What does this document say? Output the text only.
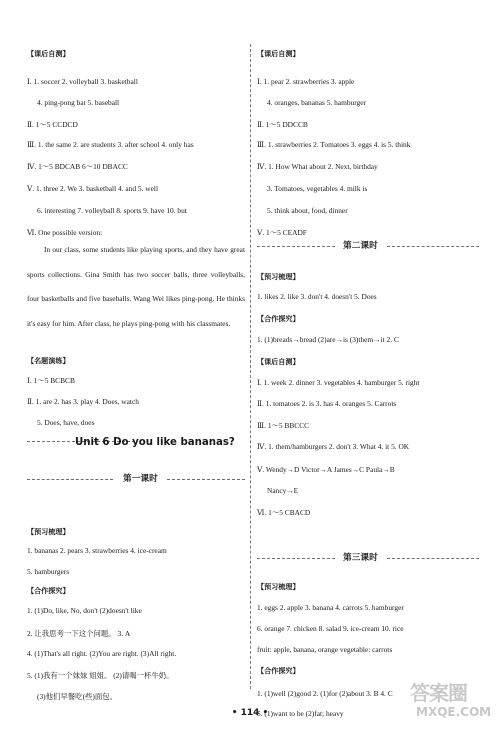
【 课后自测 】
Ⅰ. 1. soccer 2. volleyball 3. basketball
4. ping-pong bat 5. baseball
Ⅱ. 1～5 CCDCD
Ⅲ. 1. the same 2. are students 3. after school 4. only has
Ⅳ. 1～5 BDCAB 6～10 DBACC
Ⅴ. 1. three 2. We 3. basketball 4. and 5. well
6. interesting 7. volleyball 8. sports 9. have 10. but
Ⅵ. One possible version:
In our class, some students like playing sports, and they have great sports collections. Gina Smith has two soccer balls, three volleyballs, four basketballs and five baseballs. Wang Wei likes ping-pong. He thinks it's easy for him. After class, he plays ping-pong with his classmates.
【 名题演练 】
Ⅰ. 1～5 BCBCB
Ⅱ. 1. are 2. has 3. play 4. Does, watch
5. Does, have, does
Unit 6 Do you like bananas?
第一课时
【 预习梳理 】
1. bananas 2. pears 3. strawberries 4. ice-cream
5. hamburgers
【 合作探究 】
1. (1)Do, like, No, don't (2)doesn't like
2. 让我思考一下这个问题。 3. A
4. (1)That's all right. (2)You are right. (3)All right.
5. (1)我有一个妹妹 姐姐。 (2)请喝一杯牛奶。
(3)他们早餐吃(些)面包。
【 课后自测 】
Ⅰ. 1. pear 2. strawberries 3. apple
4. oranges, bananas 5. hamburger
Ⅱ. 1～5 DDCCB
Ⅲ. 1. strawberries 2. Tomatoes 3. eggs 4. is 5. think
Ⅳ. 1. How What about 2. Next, birthday
3. Tomatoes, vegetables 4. milk is
5. think about, food, dinner
Ⅴ. 1～5 CEADF
第二课时
【 预习梳理 】
1. likes 2. like 3. don't 4. doesn't 5. Does
【 合作探究 】
1. (1)breads→bread (2)are→is (3)them→it 2. C
【 课后自测 】
Ⅰ. 1. week 2. dinner 3. vegetables 4. hamburger 5. right
Ⅱ. 1. tomatoes 2. is 3. has 4. oranges 5. Carrots
Ⅲ. 1～5 BBCCC
Ⅳ. 1. them/hamburgers 2. don't 3. What 4. it 5. OK
Ⅴ. Wendy→D Victor→A James→C Paula→B
Nancy→E
Ⅵ. 1～5 CBACD
第三课时
【 预习梳理 】
1. eggs 2. apple 3. banana 4. carrots 5. hamburger
6. orange 7. chicken 8. salad 9. ice-cream 10. rice
fruit: apple, banana, orange vegetable: carrots
【 合作探究 】
1. (1)well (2)good 2. (1)for (2)about 3. B 4. C
5. (1)want to be (2)fat; heavy
• 114 •
答案圈
MXQE.COM
